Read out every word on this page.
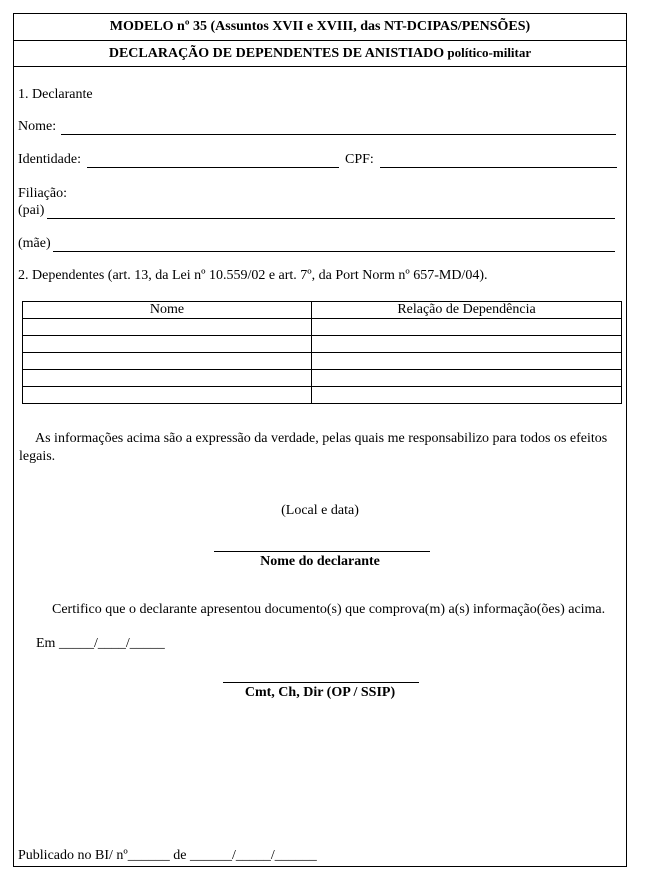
MODELO nº 35 (Assuntos XVII e XVIII, das NT-DCIPAS/PENSÕES)
DECLARAÇÃO DE DEPENDENTES DE ANISTIADO político-militar
1. Declarante
Nome:
Identidade:	CPF:
Filiação:
(pai)
(mãe)
2. Dependentes (art. 13, da Lei nº 10.559/02 e art. 7º, da Port Norm nº 657-MD/04).
Nome	Relação de Dependência

As informações acima são a expressão da verdade, pelas quais me responsabilizo para todos os efeitos legais.
(Local e data)
Nome do declarante
Certifico que o declarante apresentou documento(s) que comprova(m) a(s) informação(ões) acima.
Em _____/____/_____
Cmt, Ch, Dir (OP / SSIP)
Publicado no BI/ nº______ de ______/_____/______
